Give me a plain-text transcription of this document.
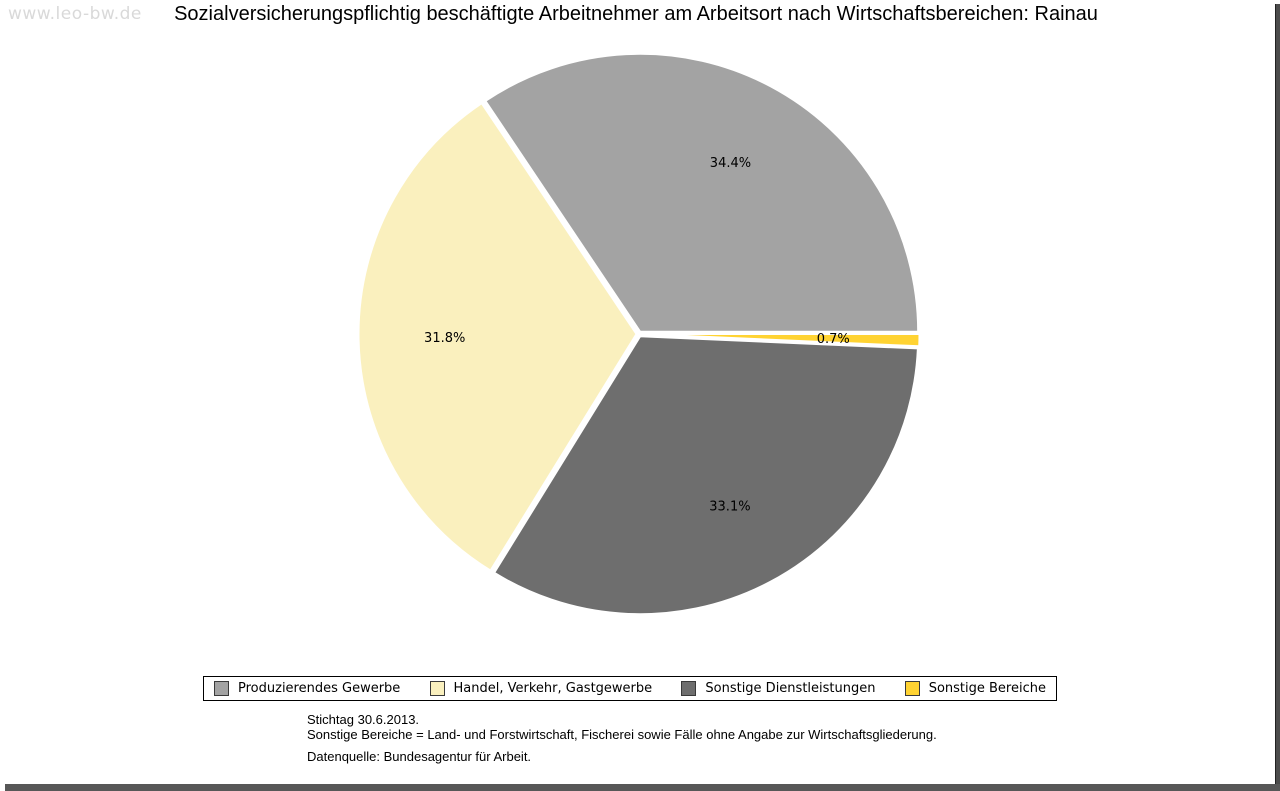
www.leo-bw.de	Sozialversicherungspflichtig beschäftigte Arbeitnehmer am Arbeitsort nach Wirtschaftsbereichen: Rainau
34.4%
31.8%
33.1%
0.7%
Produzierendes Gewerbe	Handel, Verkehr, Gastgewerbe	Sonstige Dienstleistungen	Sonstige Bereiche
Stichtag 30.6.2013.
Sonstige Bereiche = Land- und Forstwirtschaft, Fischerei sowie Fälle ohne Angabe zur Wirtschaftsgliederung.
Datenquelle: Bundesagentur für Arbeit.
